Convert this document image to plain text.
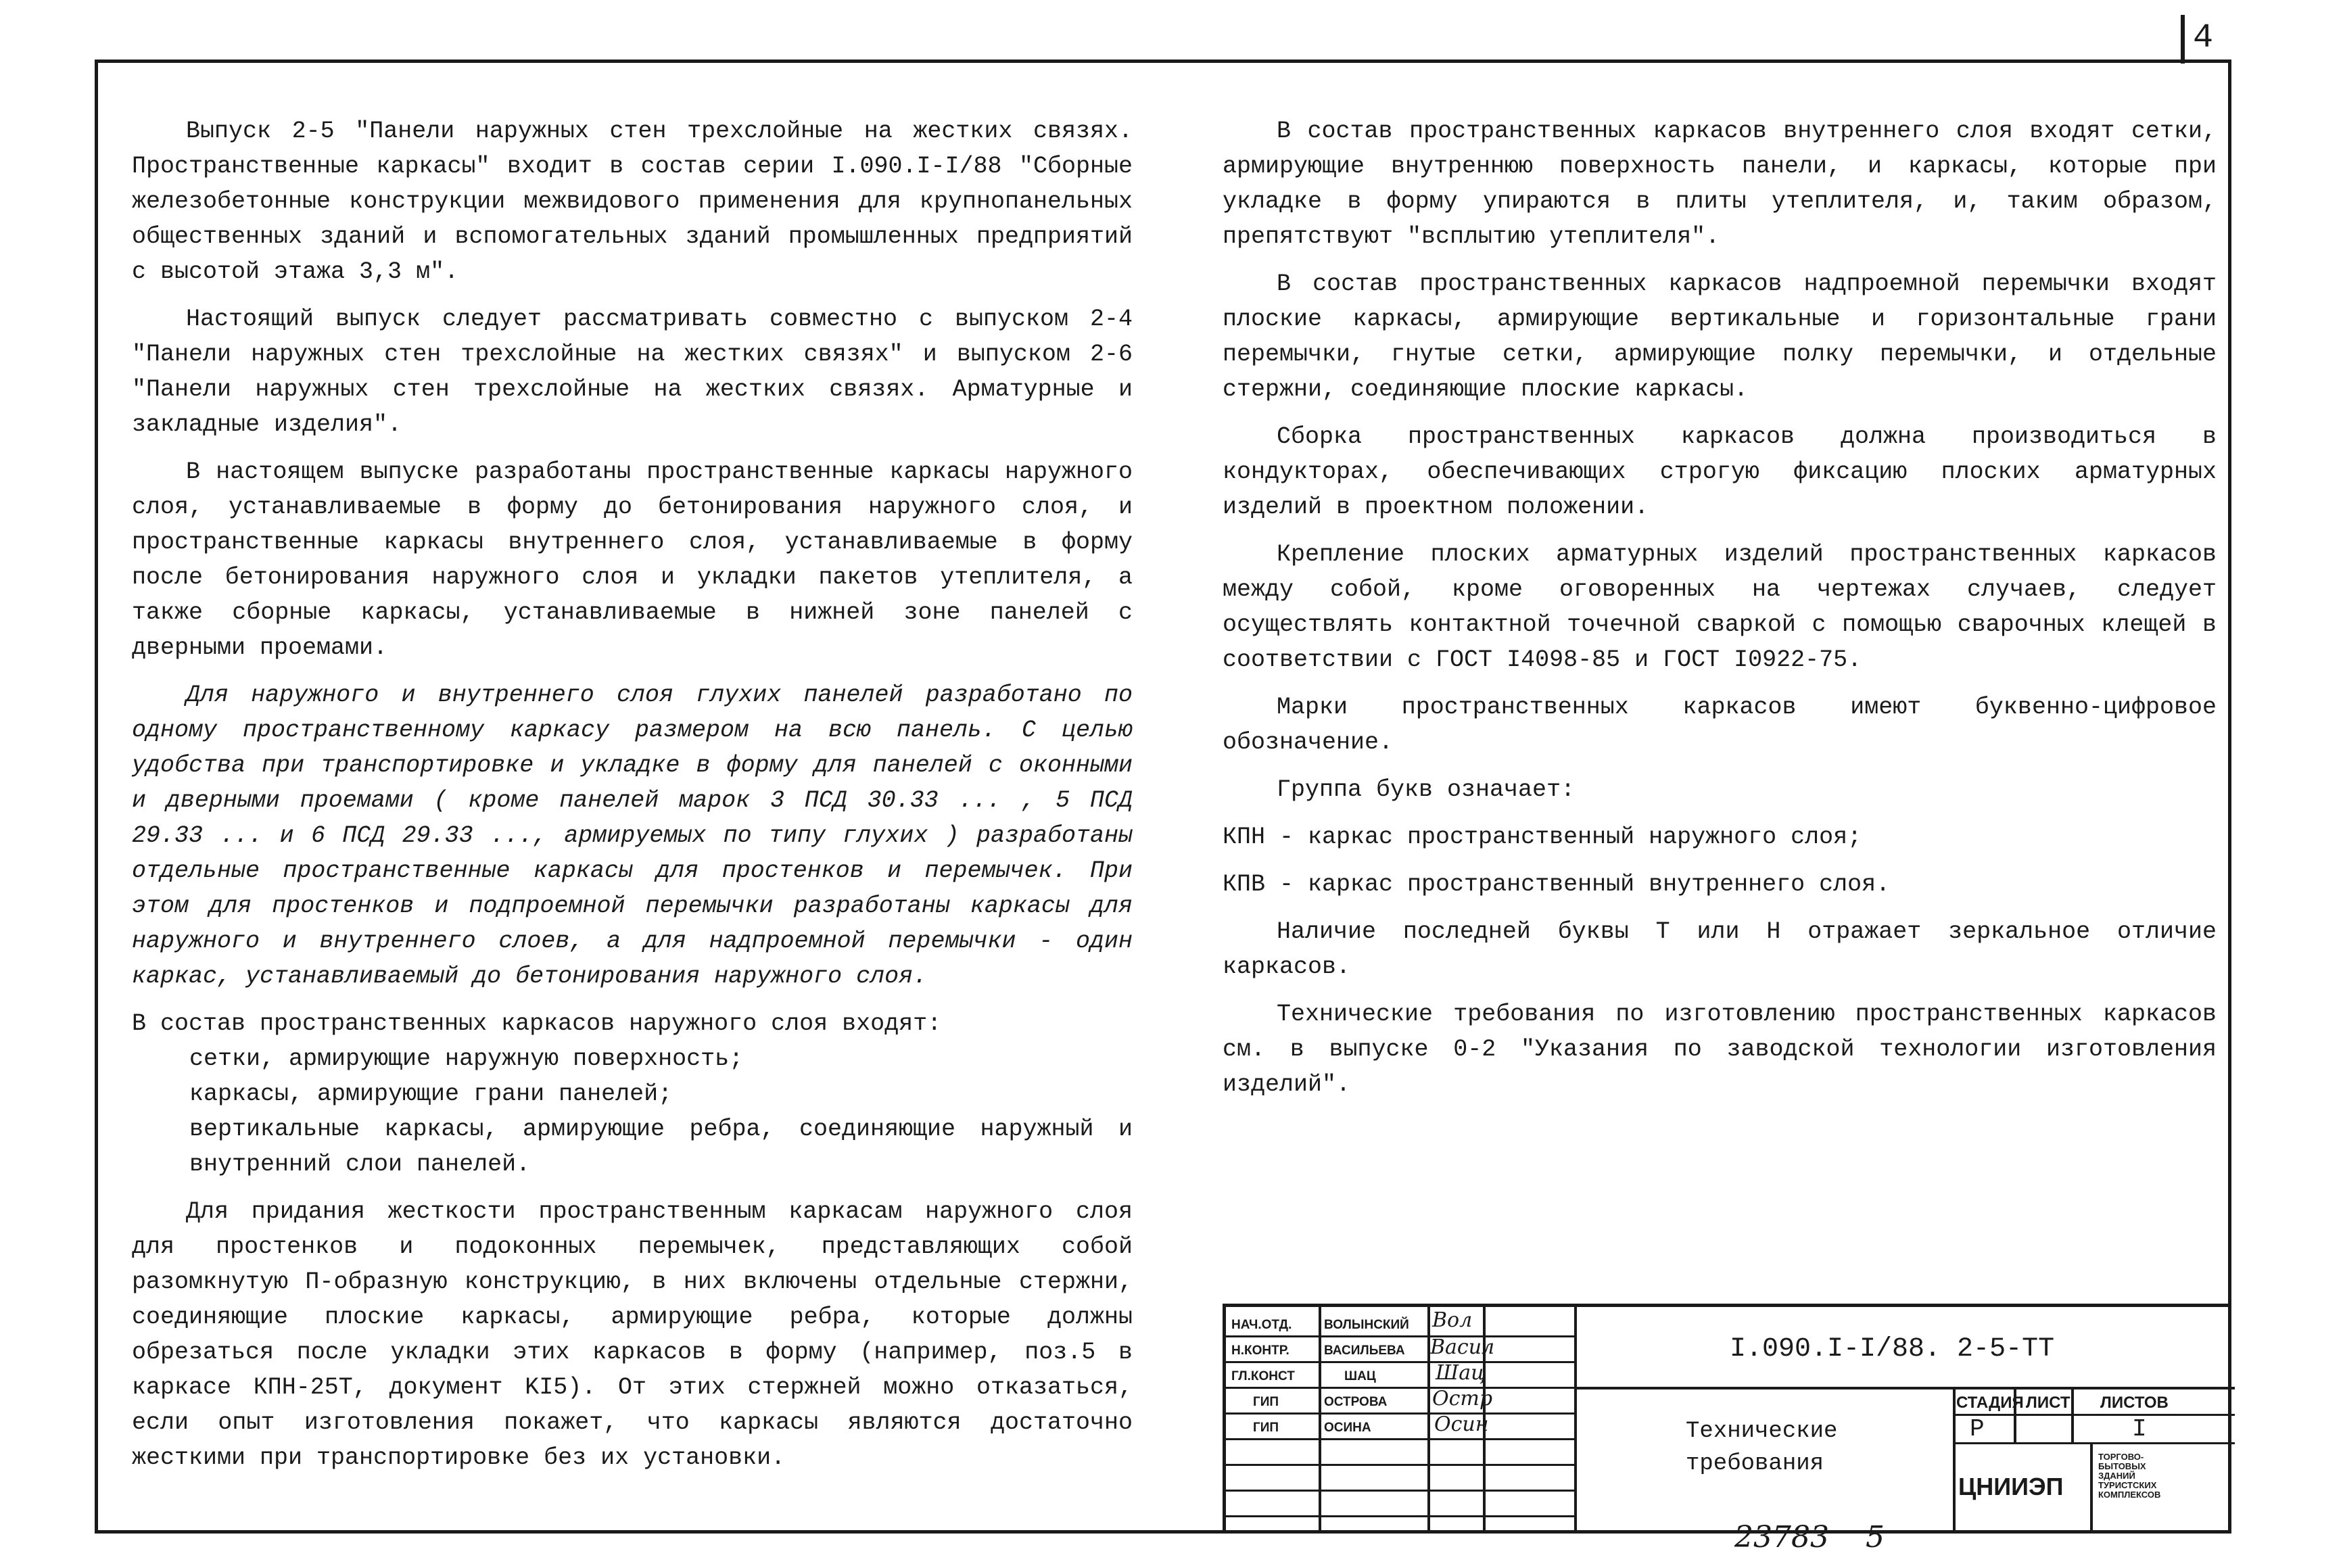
4

Выпуск 2-5 "Панели наружных стен трехслойные на жестких связях. Пространственные каркасы" входит в состав серии I.090.I-I/88 "Сборные железобетонные конструкции межвидового применения для крупнопанельных общественных зданий и вспомогательных зданий промышленных предприятий с высотой этажа 3,3 м".

Настоящий выпуск следует рассматривать совместно с выпуском 2-4 "Панели наружных стен трехслойные на жестких связях" и выпуском 2-6 "Панели наружных стен трехслойные на жестких связях. Арматурные и закладные изделия".

В настоящем выпуске разработаны пространственные каркасы наружного слоя, устанавливаемые в форму до бетонирования наружного слоя, и пространственные каркасы внутреннего слоя, устанавливаемые в форму после бетонирования наружного слоя и укладки пакетов утеплителя, а также сборные каркасы, устанавливаемые в нижней зоне панелей с дверными проемами.

Для наружного и внутреннего слоя глухих панелей разработано по одному пространственному каркасу размером на всю панель. С целью удобства при транспортировке и укладке в форму для панелей с оконными и дверными проемами ( кроме панелей марок 3 ПСД 30.33 ... , 5 ПСД 29.33 ... и 6 ПСД 29.33 ..., армируемых по типу глухих ) разработаны отдельные пространственные каркасы для простенков и перемычек. При этом для простенков и подпроемной перемычки разработаны каркасы для наружного и внутреннего слоев, а для надпроемной перемычки - один каркас, устанавливаемый до бетонирования наружного слоя.

В состав пространственных каркасов наружного слоя входят:

сетки, армирующие наружную поверхность;

каркасы, армирующие грани панелей;

вертикальные каркасы, армирующие ребра, соединяющие наружный и внутренний слои панелей.

Для придания жесткости пространственным каркасам наружного слоя для простенков и подоконных перемычек, представляющих собой разомкнутую П-образную конструкцию, в них включены отдельные стержни, соединяющие плоские каркасы, армирующие ребра, которые должны обрезаться после укладки этих каркасов в форму (например, поз.5 в каркасе КПН-25Т, документ KI5). От этих стержней можно отказаться, если опыт изготовления покажет, что каркасы являются достаточно жесткими при транспортировке без их установки.

В состав пространственных каркасов внутреннего слоя входят сетки, армирующие внутреннюю поверхность панели, и каркасы, которые при укладке в форму упираются в плиты утеплителя, и, таким образом, препятствуют "всплытию утеплителя".

В состав пространственных каркасов надпроемной перемычки входят плоские каркасы, армирующие вертикальные и горизонтальные грани перемычки, гнутые сетки, армирующие полку перемычки, и отдельные стержни, соединяющие плоские каркасы.

Сборка пространственных каркасов должна производиться в кондукторах, обеспечивающих строгую фиксацию плоских арматурных изделий в проектном положении.

Крепление плоских арматурных изделий пространственных каркасов между собой, кроме оговоренных на чертежах случаев, следует осуществлять контактной точечной сваркой с помощью сварочных клещей в соответствии с ГОСТ I4098-85 и ГОСТ I0922-75.

Марки пространственных каркасов имеют буквенно-цифровое обозначение.

Группа букв означает:

КПН - каркас пространственный наружного слоя;

КПВ - каркас пространственный внутреннего слоя.

Наличие последней буквы Т или Н отражает зеркальное отличие каркасов.

Технические требования по изготовлению пространственных каркасов см. в выпуске 0-2 "Указания по заводской технологии изготовления изделий".

I.090.I-I/88. 2-5-ТТ
НАЧ.ОТД.
Н.КОНТР.
ГЛ.КОНСТ
ГИП
ГИП
ВОЛЫНСКИЙ
ВАСИЛЬЕВА
ШАЦ
ОСТРОВА
ОСИНА
Вол
Васил
Шац
Остр
Осин	Технические
требования
СТАДИЯ ЛИСТ ЛИСТОВ
Р	I
ЦНИИЭП
ТОРГОВО-
БЫТОВЫХ
ЗДАНИЙ
ТУРИСТСКИХ
КОМПЛЕКСОВ
23783 5
